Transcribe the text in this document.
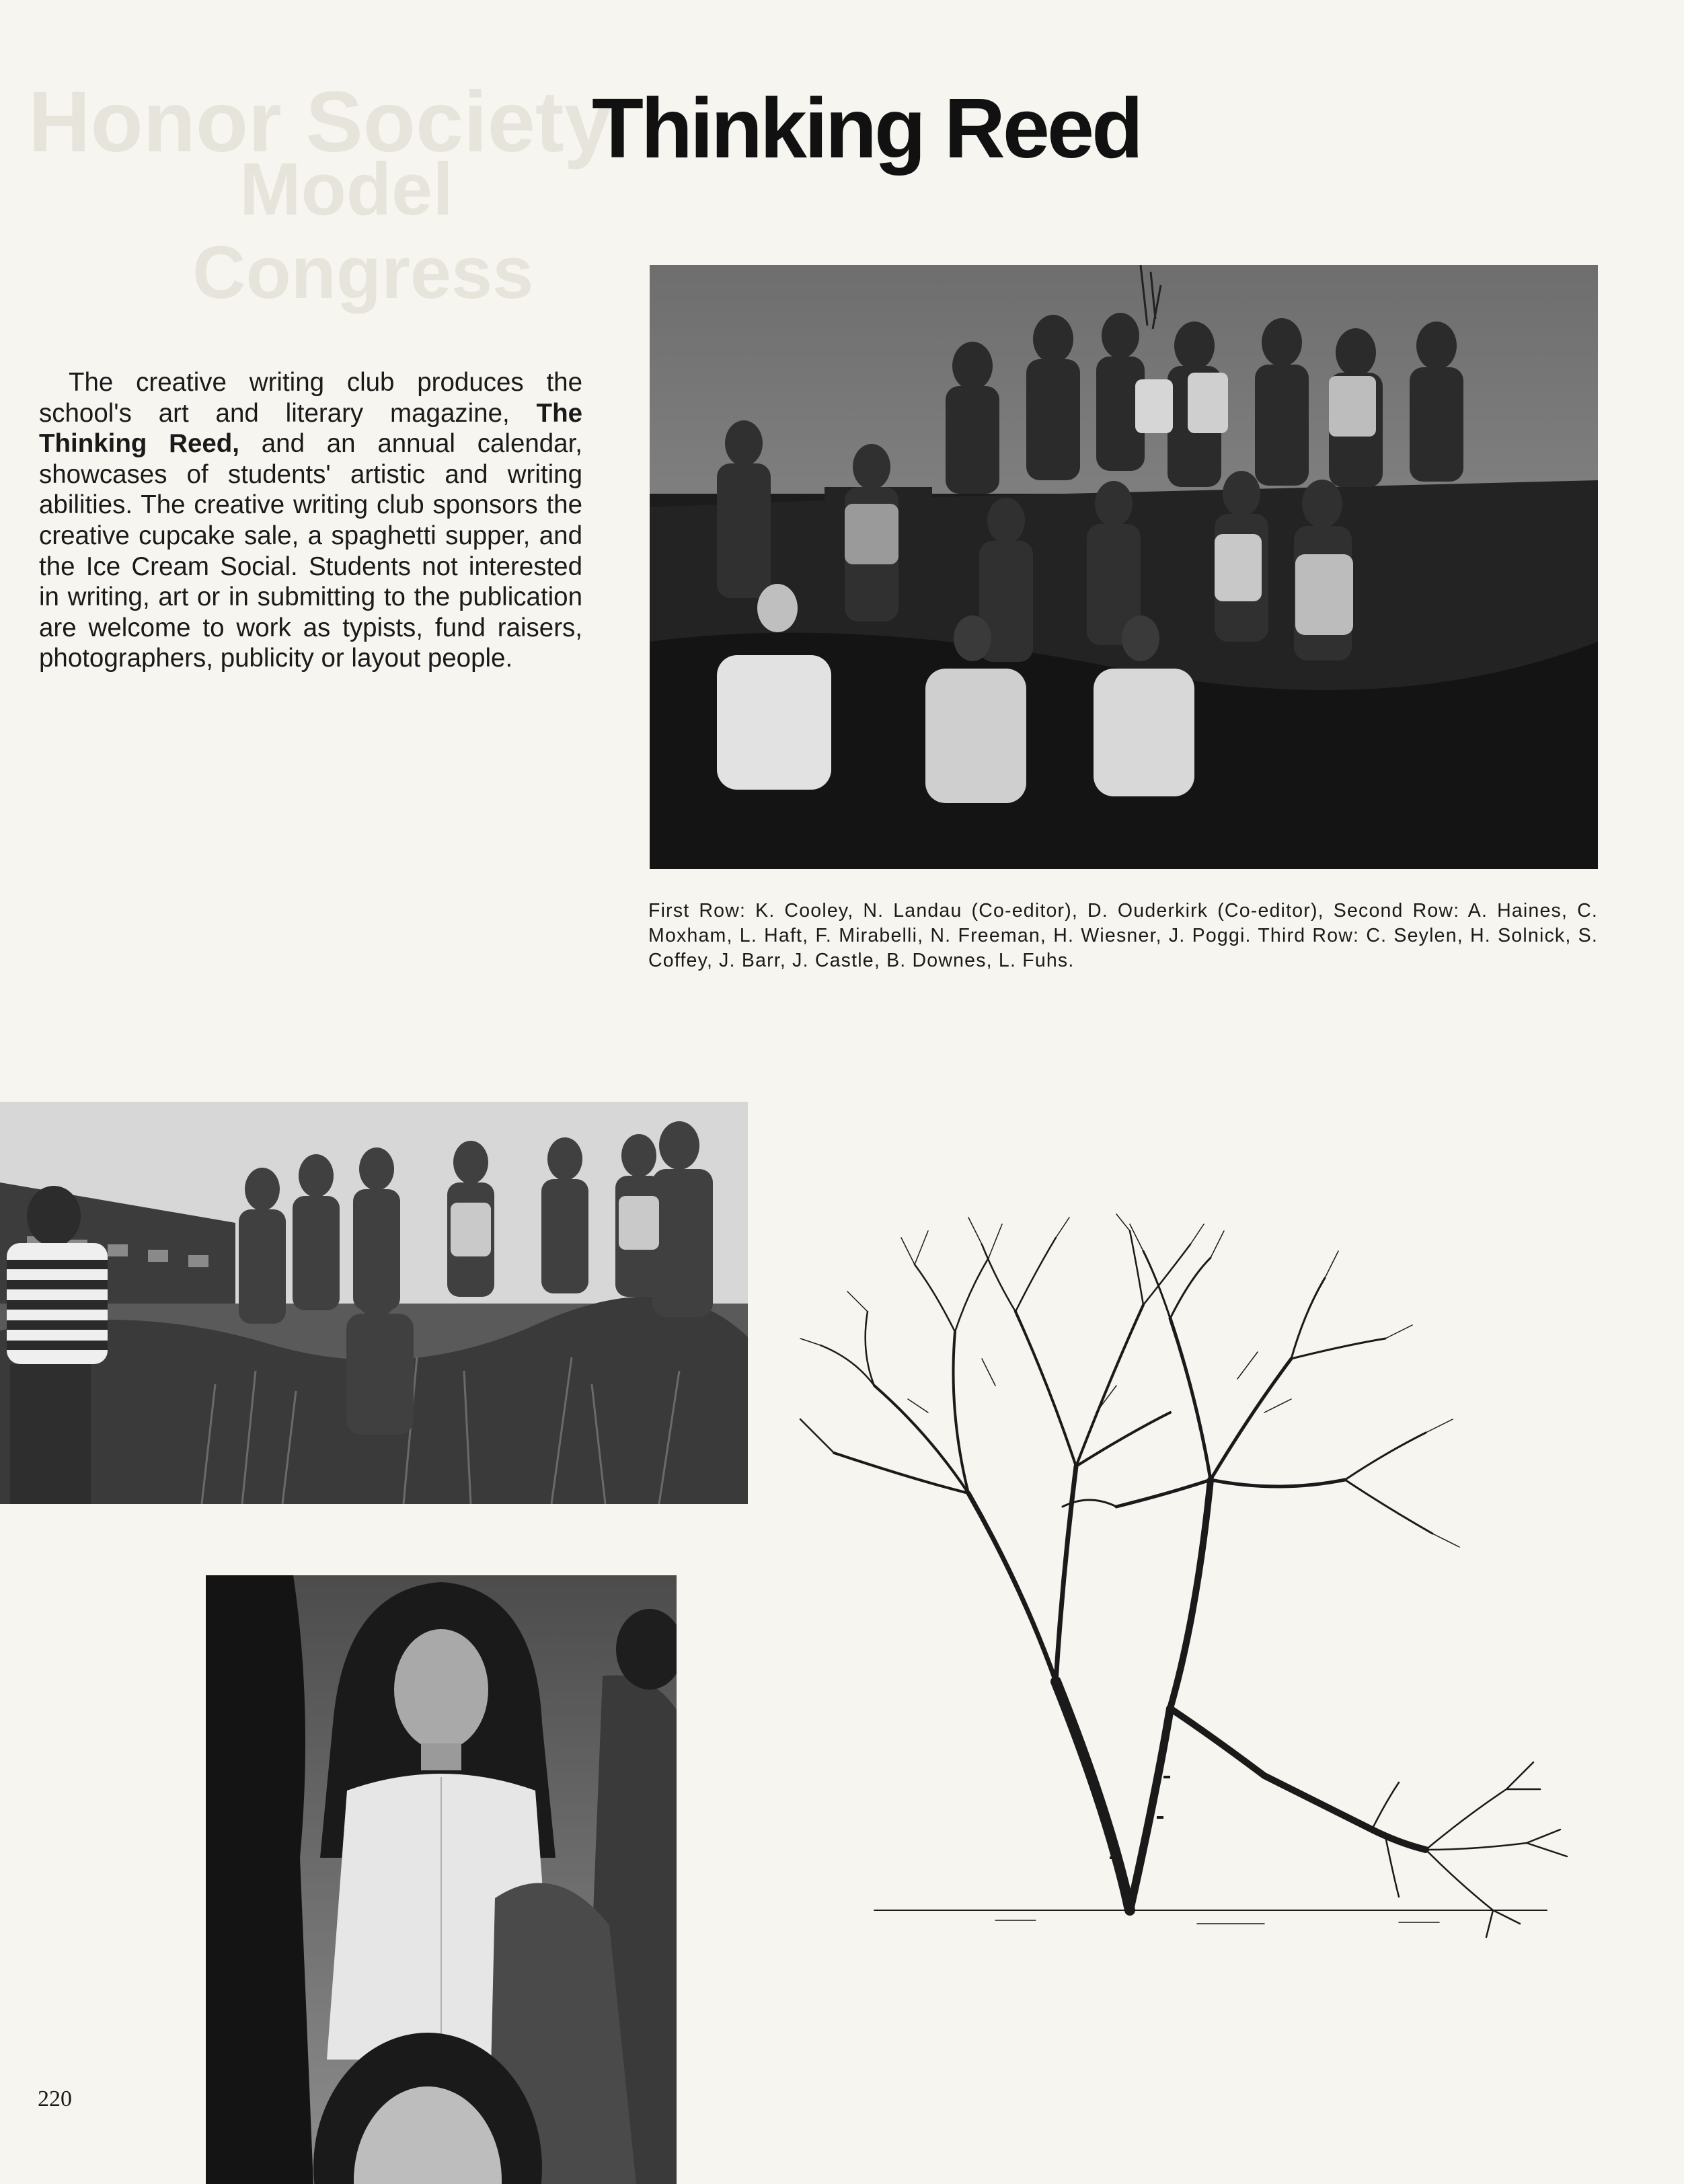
Honor Society
Model
Congress
Thinking Reed

The creative writing club produces the school's art and literary magazine, The Thinking Reed, and an annual calendar, showcases of students' artistic and writing abilities. The creative writing club sponsors the creative cupcake sale, a spaghetti supper, and the Ice Cream Social. Students not interested in writing, art or in submitting to the publication are welcome to work as typists, fund raisers, photographers, publicity or layout people.

First Row: K. Cooley, N. Landau (Co-editor), D. Ouderkirk (Co-editor), Second Row: A. Haines, C. Moxham, L. Haft, F. Mirabelli, N. Freeman, H. Wiesner, J. Poggi. Third Row: C. Seylen, H. Solnick, S. Coffey, J. Barr, J. Castle, B. Downes, L. Fuhs.

220
